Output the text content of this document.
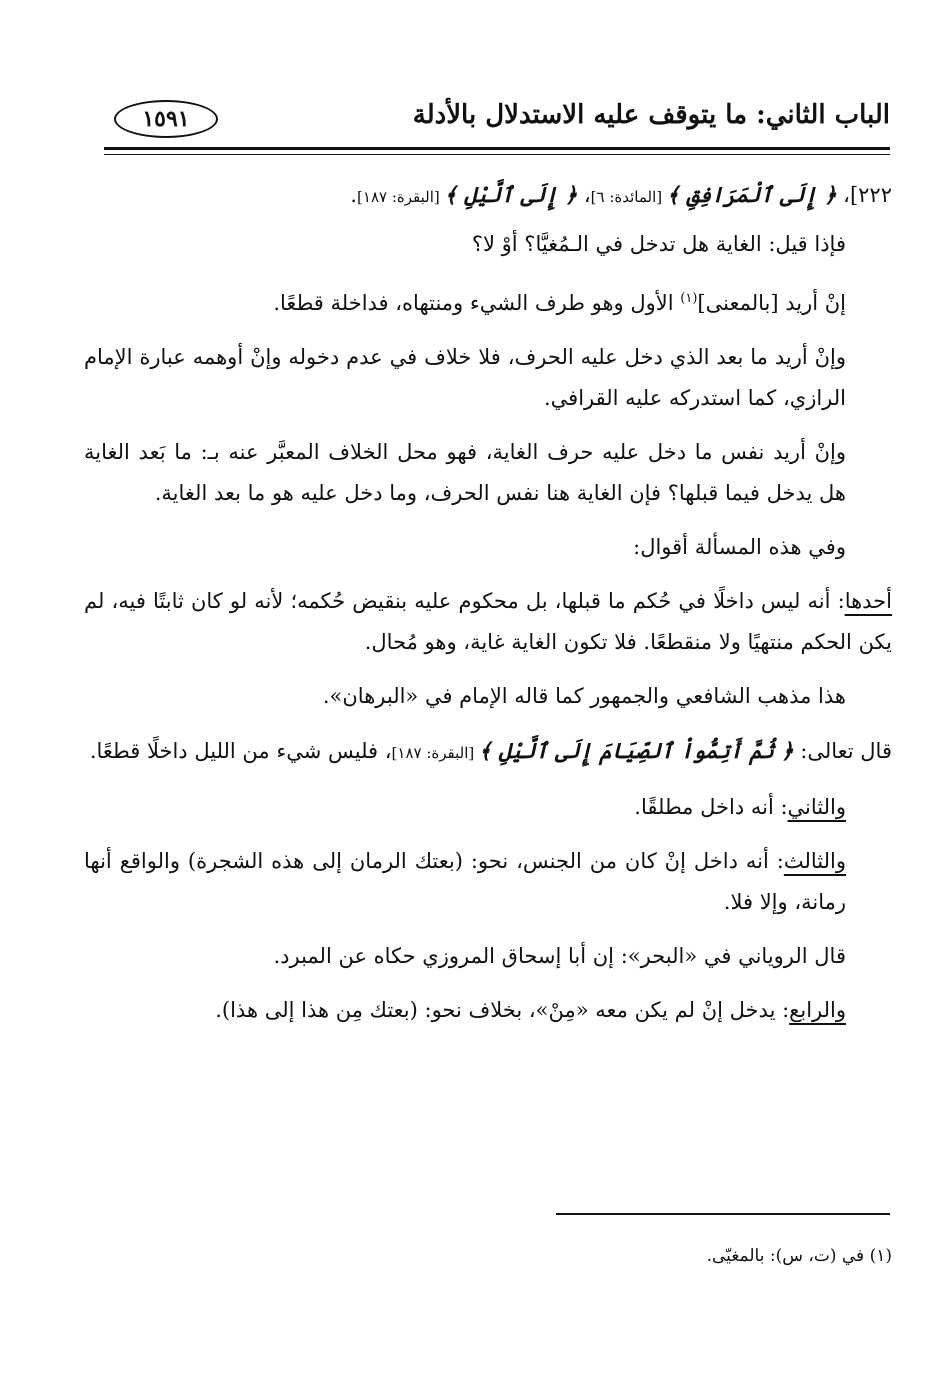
الباب الثاني: ما يتوقف عليه الاستدلال بالأدلة
١٥٩١

٢٢٢]، ﴿ إِلَى ٱلْمَرَافِقِ ﴾ [المائدة: ٦]، ﴿ إِلَى ٱلَّيْلِ ﴾ [البقرة: ١٨٧].

فإذا قيل: الغاية هل تدخل في الـمُغيَّا؟ أوْ لا؟

إنْ أريد [بالمعنى]$^{(١)}$ الأول وهو طرف الشيء ومنتهاه، فداخلة قطعًا.

وإنْ أريد ما بعد الذي دخل عليه الحرف، فلا خلاف في عدم دخوله وإنْ أوهمه عبارة الإمام الرازي، كما استدركه عليه القرافي.

وإنْ أريد نفس ما دخل عليه حرف الغاية، فهو محل الخلاف المعبَّر عنه بـ: ما بَعد الغاية هل يدخل فيما قبلها؟ فإن الغاية هنا نفس الحرف، وما دخل عليه هو ما بعد الغاية.

وفي هذه المسألة أقوال:

أحدها: أنه ليس داخلًا في حُكم ما قبلها، بل محكوم عليه بنقيض حُكمه؛ لأنه لو كان ثابتًا فيه، لم يكن الحكم منتهيًا ولا منقطعًا. فلا تكون الغاية غاية، وهو مُحال.

هذا مذهب الشافعي والجمهور كما قاله الإمام في «البرهان».

قال تعالى: ﴿ ثُمَّ أَتِمُّواْ ٱلصِّيَامَ إِلَى ٱلَّيْلِ ﴾ [البقرة: ١٨٧]، فليس شيء من الليل داخلًا قطعًا.

والثاني: أنه داخل مطلقًا.

والثالث: أنه داخل إنْ كان من الجنس، نحو: (بعتك الرمان إلى هذه الشجرة) والواقع أنها رمانة، وإلا فلا.

قال الروياني في «البحر»: إن أبا إسحاق المروزي حكاه عن المبرد.

والرابع: يدخل إنْ لم يكن معه «مِنْ»، بخلاف نحو: (بعتك مِن هذا إلى هذا).

(١) في (ت، س): بالمغيّى.
